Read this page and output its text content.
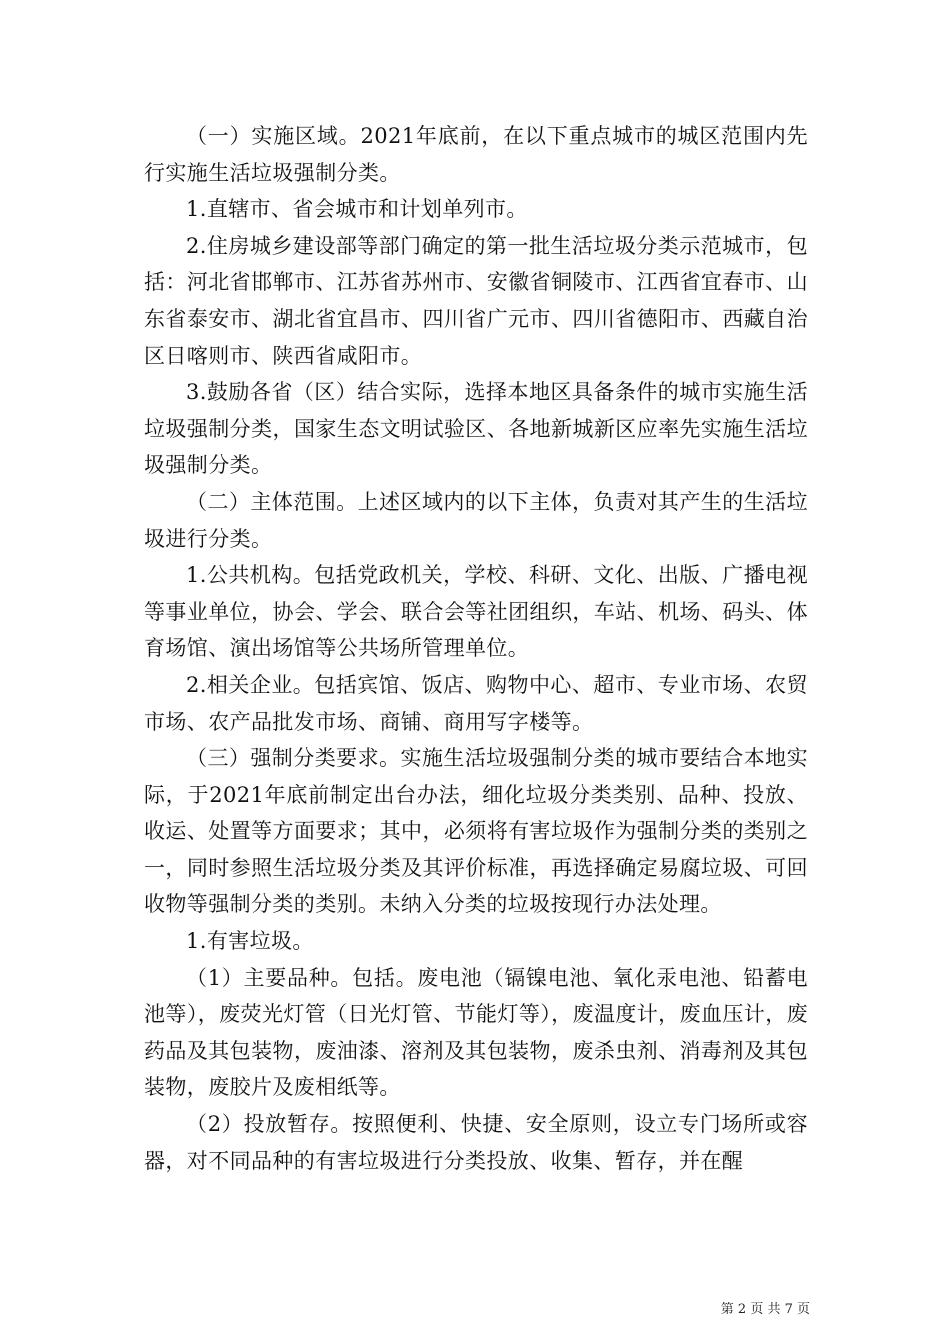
（一）实施区域。2021年底前，在以下重点城市的城区范围内先行实施生活垃圾强制分类。

1.直辖市、省会城市和计划单列市。

2.住房城乡建设部等部门确定的第一批生活垃圾分类示范城市，包括：河北省邯郸市、江苏省苏州市、安徽省铜陵市、江西省宜春市、山东省泰安市、湖北省宜昌市、四川省广元市、四川省德阳市、西藏自治区日喀则市、陕西省咸阳市。

3.鼓励各省（区）结合实际，选择本地区具备条件的城市实施生活垃圾强制分类，国家生态文明试验区、各地新城新区应率先实施生活垃圾强制分类。

（二）主体范围。上述区域内的以下主体，负责对其产生的生活垃圾进行分类。

1.公共机构。包括党政机关，学校、科研、文化、出版、广播电视等事业单位，协会、学会、联合会等社团组织，车站、机场、码头、体育场馆、演出场馆等公共场所管理单位。

2.相关企业。包括宾馆、饭店、购物中心、超市、专业市场、农贸市场、农产品批发市场、商铺、商用写字楼等。

（三）强制分类要求。实施生活垃圾强制分类的城市要结合本地实际，于2021年底前制定出台办法，细化垃圾分类类别、品种、投放、收运、处置等方面要求；其中，必须将有害垃圾作为强制分类的类别之一，同时参照生活垃圾分类及其评价标准，再选择确定易腐垃圾、可回收物等强制分类的类别。未纳入分类的垃圾按现行办法处理。

1.有害垃圾。

（1）主要品种。包括。废电池（镉镍电池、氧化汞电池、铅蓄电池等），废荧光灯管（日光灯管、节能灯等），废温度计，废血压计，废药品及其包装物，废油漆、溶剂及其包装物，废杀虫剂、消毒剂及其包装物，废胶片及废相纸等。

（2）投放暂存。按照便利、快捷、安全原则，设立专门场所或容器，对不同品种的有害垃圾进行分类投放、收集、暂存，并在醒

第 2 页 共 7 页
